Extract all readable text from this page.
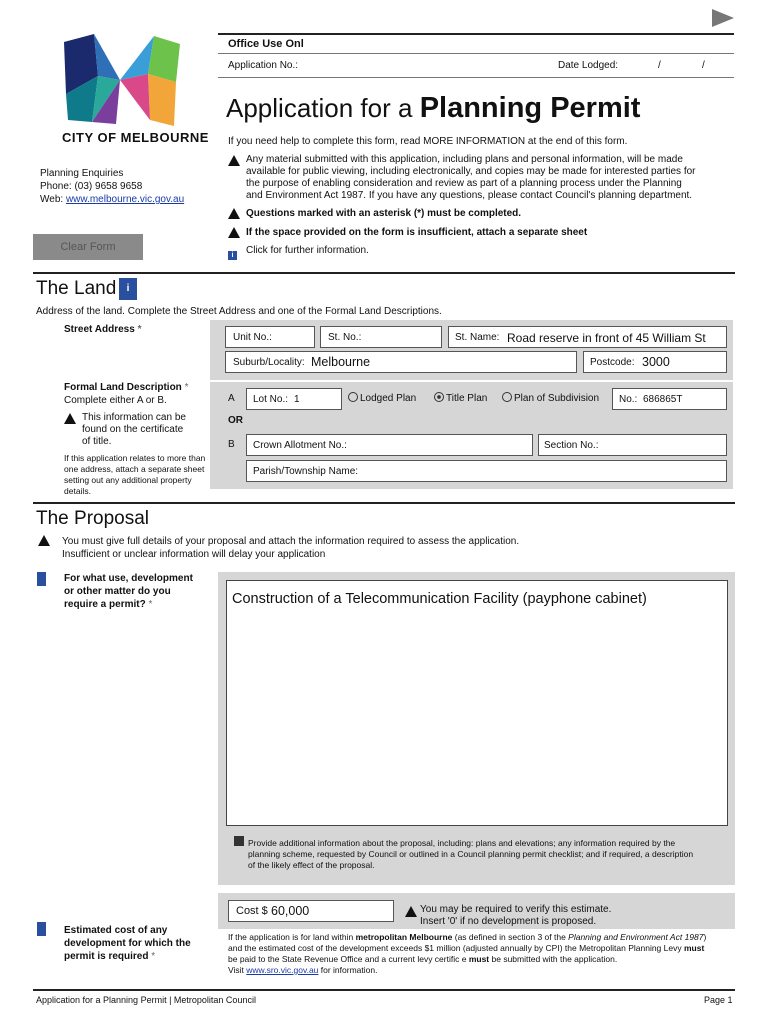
CITY OF MELBOURNE
Planning Enquiries
Phone: (03) 9658 9658
Web: www.melbourne.vic.gov.au
Clear Form
Office Use Onl
Application No.:	Date Lodged:	/	/
Application for a Planning Permit
If you need help to complete this form, read MORE INFORMATION at the end of this form.
Any material submitted with this application, including plans and personal information, will be made
available for public viewing, including electronically, and copies may be made for interested parties for
the purpose of enabling consideration and review as part of a planning process under the Planning
and Environment Act 1987. If you have any questions, please contact Council's planning department.
Questions marked with an asterisk (*) must be completed.
If the space provided on the form is insufficient, attach a separate sheet
i	Click for further information.
The Land	i
Address of the land. Complete the Street Address and one of the Formal Land Descriptions.
Street Address *
Unit No.:	St. No.:	St. Name: Road reserve in front of 45 William St
Suburb/Locality: Melbourne	Postcode: 3000
Formal Land Description *
Complete either A or B.
This information can be
found on the certificate
of title.
If this application relates to more than
one address, attach a separate sheet
setting out any additional property
details.
A Lot No.: 1	Lodged Plan	Title Plan	Plan of Subdivision No.: 686865T
OR
B Crown Allotment No.:	Section No.:
Parish/Township Name:
The Proposal
You must give full details of your proposal and attach the information required to assess the application.
Insufficient or unclear information will delay your application
For what use, development
or other matter do you
require a permit? *	Construction of a Telecommunication Facility (payphone cabinet)
Provide additional information about the proposal, including: plans and elevations; any information required by the
planning scheme, requested by Council or outlined in a Council planning permit checklist; and if required, a description
of the likely effect of the proposal.
Estimated cost of any
development for which the
permit is required *
Cost $ 60,000	You may be required to verify this estimate.
Insert '0' if no development is proposed.
If the application is for land within metropolitan Melbourne (as defined in section 3 of the Planning and Environment Act 1987)
and the estimated cost of the development exceeds $1 million (adjusted annually by CPI) the Metropolitan Planning Levy must
be paid to the State Revenue Office and a current levy certific e must be submitted with the application.
Visit www.sro.vic.gov.au for information.
Application for a Planning Permit | Metropolitan Council	Page 1
